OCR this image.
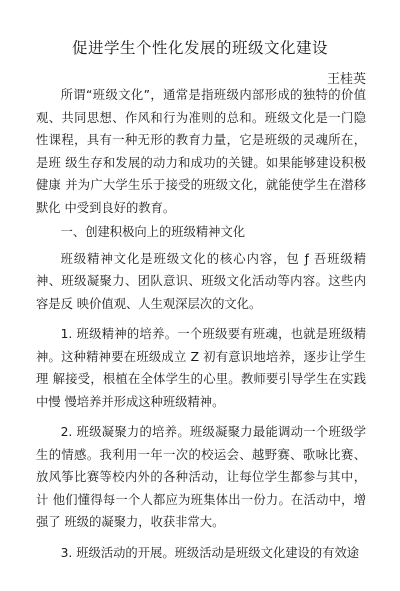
促进学生个性化发展的班级文化建设

王桂英

所谓“班级文化”，通常是指班级内部形成的独特的价值 观、共同思想、作风和行为准则的总和。班级文化是一门隐 性课程，具有一种无形的教育力量，它是班级的灵魂所在，是班 级生存和发展的动力和成功的关键。如果能够建设积极健康 并为广大学生乐于接受的班级文化，就能使学生在潜移默化 中受到良好的教育。

一、创建积极向上的班级精神文化

班级精神文化是班级文化的核心内容，包 ƒ 吾班级精神、班级凝聚力、团队意识、班级文化活动等内容。这些内容是反 映价值观、人生观深层次的文化。

1. 班级精神的培养。一个班级要有班魂，也就是班级精 神。这种精神要在班级成立 Z 初有意识地培养，逐步让学生理 解接受，根植在全体学生的心里。教师要引导学生在实践中慢 慢培养并形成这种班级精神。

2. 班级凝聚力的培养。班级凝聚力最能调动一个班级学 生的情感。我利用一年一次的校运会、越野赛、歌咏比赛、 放风筝比赛等校内外的各种活动，让每位学生都参与其中，计 他们懂得每一个人都应为班集体出一份力。在活动中，增强了 班级的凝聚力，收获非常大。

3. 班级活动的开展。班级活动是班级文化建设的有效途
